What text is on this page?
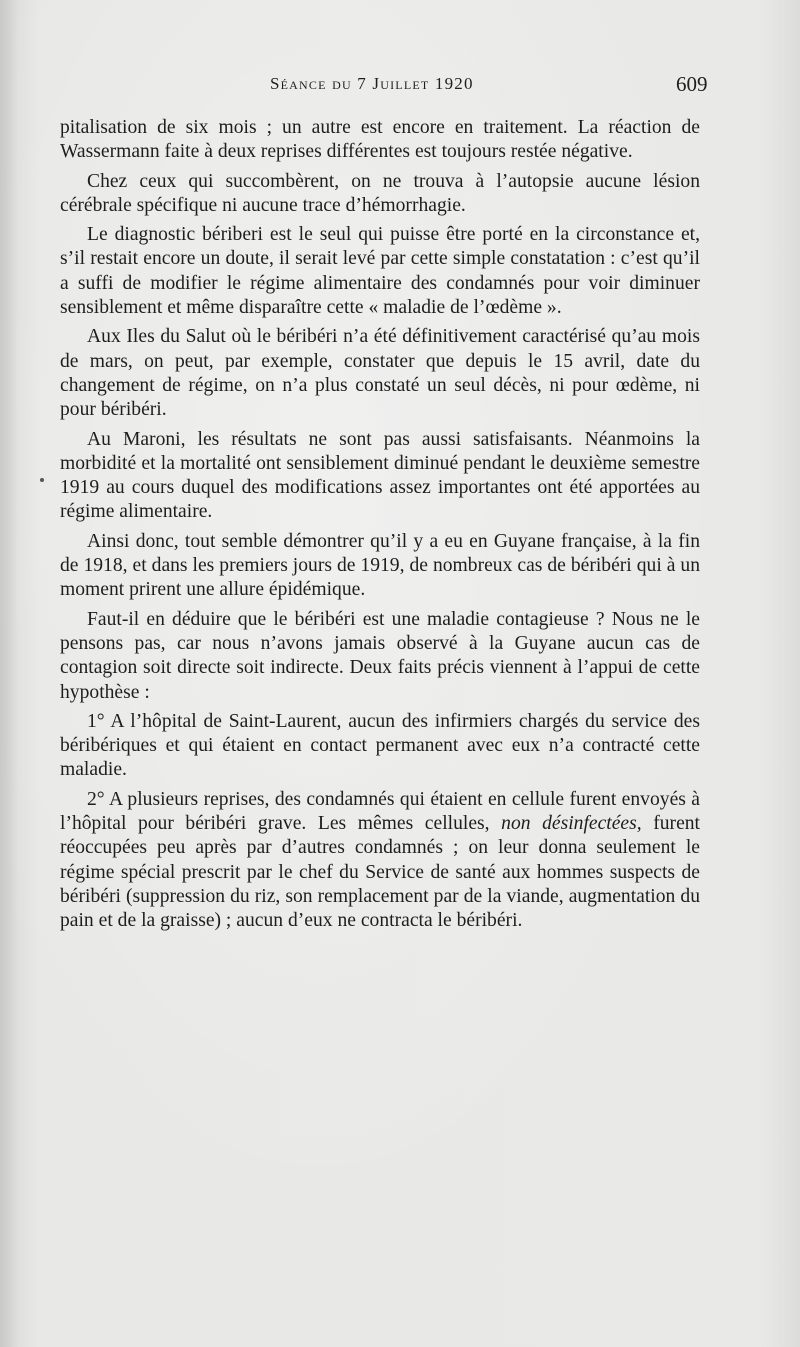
Séance du 7 Juillet 1920	609

pitalisation de six mois ; un autre est encore en traitement. La réaction de Wassermann faite à deux reprises différentes est toujours restée négative.

Chez ceux qui succombèrent, on ne trouva à l’autopsie aucune lésion cérébrale spécifique ni aucune trace d’hémorrhagie.

Le diagnostic bériberi est le seul qui puisse être porté en la circonstance et, s’il restait encore un doute, il serait levé par cette simple constatation : c’est qu’il a suffi de modifier le régime alimentaire des condamnés pour voir diminuer sensiblement et même disparaître cette « maladie de l’œdème ».

Aux Iles du Salut où le béribéri n’a été définitivement caractérisé qu’au mois de mars, on peut, par exemple, constater que depuis le 15 avril, date du changement de régime, on n’a plus constaté un seul décès, ni pour œdème, ni pour béribéri.

Au Maroni, les résultats ne sont pas aussi satisfaisants. Néanmoins la morbidité et la mortalité ont sensiblement diminué pendant le deuxième semestre 1919 au cours duquel des modifications assez importantes ont été apportées au régime alimentaire.

Ainsi donc, tout semble démontrer qu’il y a eu en Guyane française, à la fin de 1918, et dans les premiers jours de 1919, de nombreux cas de béribéri qui à un moment prirent une allure épidémique.

Faut-il en déduire que le béribéri est une maladie contagieuse ? Nous ne le pensons pas, car nous n’avons jamais observé à la Guyane aucun cas de contagion soit directe soit indirecte. Deux faits précis viennent à l’appui de cette hypothèse :

1° A l’hôpital de Saint-Laurent, aucun des infirmiers chargés du service des béribériques et qui étaient en contact permanent avec eux n’a contracté cette maladie.

2° A plusieurs reprises, des condamnés qui étaient en cellule furent envoyés à l’hôpital pour béribéri grave. Les mêmes cellules, non désinfectées, furent réoccupées peu après par d’autres condamnés ; on leur donna seulement le régime spécial prescrit par le chef du Service de santé aux hommes suspects de béribéri (suppression du riz, son remplacement par de la viande, augmentation du pain et de la graisse) ; aucun d’eux ne contracta le béribéri.
